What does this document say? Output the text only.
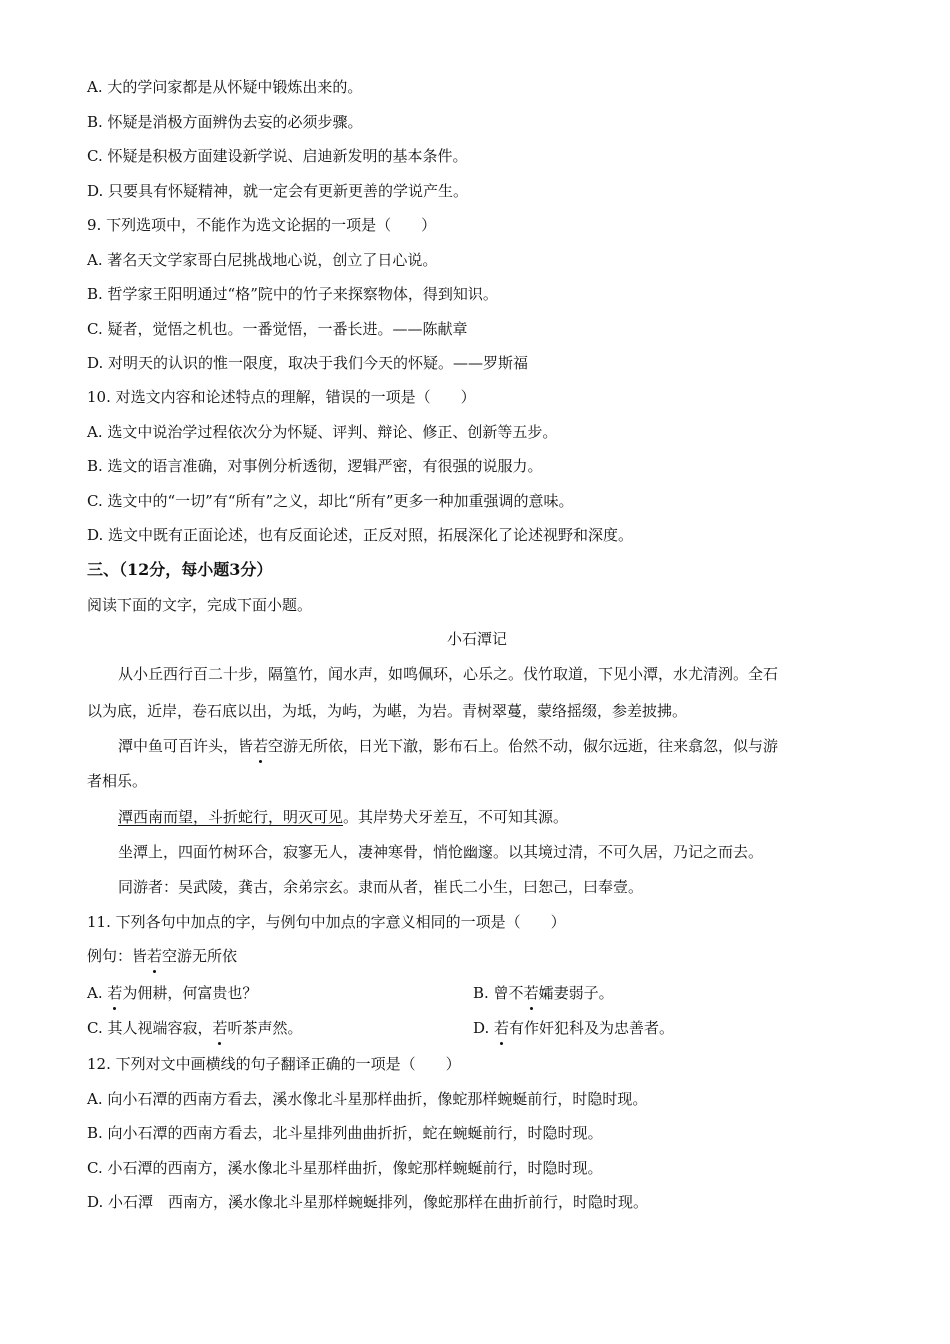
A. 大的学问家都是从怀疑中锻炼出来的。
B. 怀疑是消极方面辨伪去妄的必须步骤。
C. 怀疑是积极方面建设新学说、启迪新发明的基本条件。
D. 只要具有怀疑精神，就一定会有更新更善的学说产生。
9. 下列选项中，不能作为选文论据的一项是（　　）
A. 著名天文学家哥白尼挑战地心说，创立了日心说。
B. 哲学家王阳明通过“格”院中的竹子来探察物体，得到知识。
C. 疑者，觉悟之机也。一番觉悟，一番长进。——陈献章
D. 对明天的认识的惟一限度，取决于我们今天的怀疑。——罗斯福
10. 对选文内容和论述特点的理解，错误的一项是（　　）
A. 选文中说治学过程依次分为怀疑、评判、辩论、修正、创新等五步。
B. 选文的语言准确，对事例分析透彻，逻辑严密，有很强的说服力。
C. 选文中的“一切”有“所有”之义，却比“所有”更多一种加重强调的意味。
D. 选文中既有正面论述，也有反面论述，正反对照，拓展深化了论述视野和深度。
三、（12分，每小题3分）
阅读下面的文字，完成下面小题。
小石潭记
从小丘西行百二十步，隔篁竹，闻水声，如鸣佩环，心乐之。伐竹取道，下见小潭，水尤清洌。全石
以为底，近岸，卷石底以出，为坻，为屿，为嵁，为岩。青树翠蔓，蒙络摇缀，参差披拂。
潭中鱼可百许头，皆若空游无所依，日光下澈，影布石上。佁然不动，俶尔远逝，往来翕忽，似与游
者相乐。
潭西南而望，斗折蛇行，明灭可见。其岸势犬牙差互，不可知其源。
坐潭上，四面竹树环合，寂寥无人，凄神寒骨，悄怆幽邃。以其境过清，不可久居，乃记之而去。
同游者：吴武陵，龚古，余弟宗玄。隶而从者，崔氏二小生，曰恕己，曰奉壹。
11. 下列各句中加点的字，与例句中加点的字意义相同的一项是（　　）
例句：皆若空游无所依
A. 若为佣耕，何富贵也？	B. 曾不若孀妻弱子。
C. 其人视端容寂，若听茶声然。	D. 若有作奸犯科及为忠善者。
12. 下列对文中画横线的句子翻译正确的一项是（　　）
A. 向小石潭的西南方看去，溪水像北斗星那样曲折，像蛇那样蜿蜒前行，时隐时现。
B. 向小石潭的西南方看去，北斗星排列曲曲折折，蛇在蜿蜒前行，时隐时现。
C. 小石潭的西南方，溪水像北斗星那样曲折，像蛇那样蜿蜒前行，时隐时现。
D. 小石潭　西南方，溪水像北斗星那样蜿蜒排列，像蛇那样在曲折前行，时隐时现。
